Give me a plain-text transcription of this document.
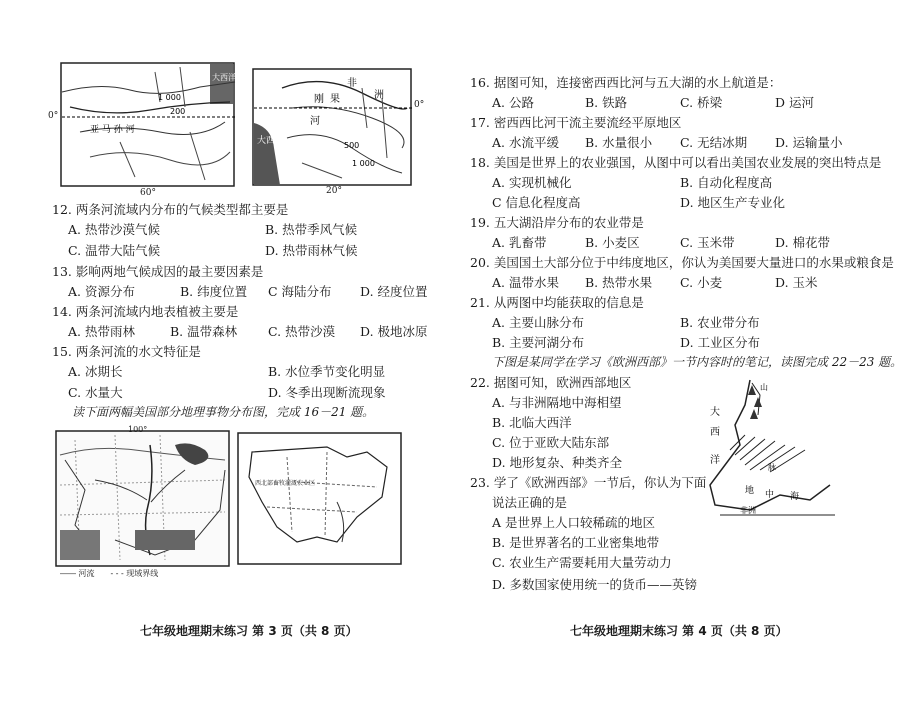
1 000
200
大西洋
亚 马 孙 河
0°
60°
非
洲
刚 果
河
大西洋	500
1 000
0°
20°
12. 两条河流域内分布的气候类型都主要是
A. 热带沙漠气候	B. 热带季风气候
C. 温带大陆气候	D. 热带雨林气候
13. 影响两地气候成因的最主要因素是
A. 资源分布	B. 纬度位置 C 海陆分布 D. 经度位置
14. 两条河流域内地表植被主要是
A. 热带雨林	B. 温带森林 C. 热带沙漠 D. 极地冰原
15. 两条河流的水文特征是
A. 冰期长	B. 水位季节变化明显
C. 水量大	D. 冬季出现断流现象
读下面两幅美国部分地理事物分布图，完成 16－21 题。
100°
―― 河流 - - - 现域界线
西北部畜牧灌溉农业区
七年级地理期末练习 第 3 页（共 8 页）
16. 据图可知，连接密西西比河与五大湖的水上航道是：
A. 公路	B. 铁路	C. 桥梁	D 运河
17. 密西西比河干流主要流经平原地区
A. 水流平缓 B. 水量很小 C. 无结冰期 D. 运输量小
18. 美国是世界上的农业强国，从图中可以看出美国农业发展的突出特点是
A. 实现机械化	B. 自动化程度高
C 信息化程度高	D. 地区生产专业化
19. 五大湖沿岸分布的农业带是
A. 乳畜带	B. 小麦区	C. 玉米带	D. 棉花带
20. 美国国土大部分位于中纬度地区，你认为美国要大量进口的水果或粮食是
A. 温带水果 B. 热带水果 C. 小麦	D. 玉米
21. 从两图中均能获取的信息是
A. 主要山脉分布	B. 农业带分布
B. 主要河湖分布	D. 工业区分布
下图是某同学在学习《欧洲西部》一节内容时的笔记，读图完成 22－23 题。
22. 据图可知，欧洲西部地区
A. 与非洲隔地中海相望
B. 北临大西洋
C. 位于亚欧大陆东部
D. 地形复杂、种类齐全
23. 学了《欧洲西部》一节后，你认为下面
说法正确的是
A 是世界上人口较稀疏的地区
B. 是世界著名的工业密集地带
C. 农业生产需要耗用大量劳动力
D. 多数国家使用统一的货币——英镑
大
西
洋
山
脉
地 中 海
非洲
七年级地理期末练习 第 4 页（共 8 页）
